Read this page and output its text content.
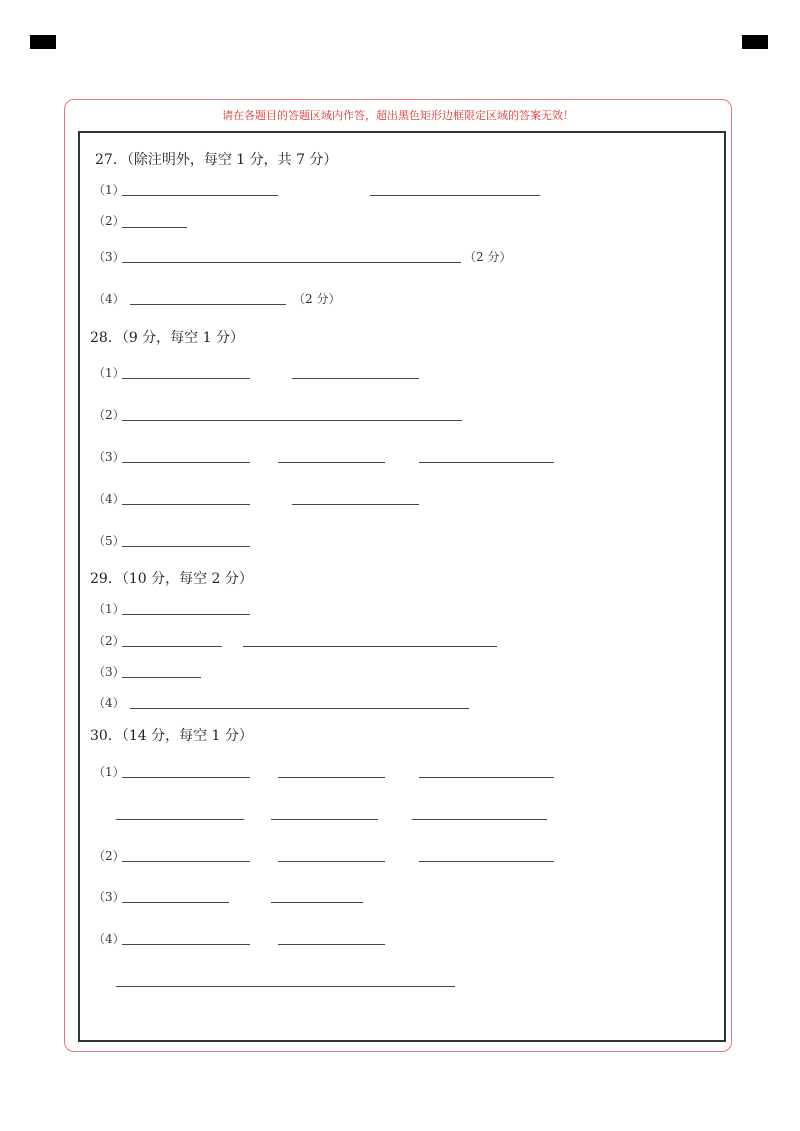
请在各题目的答题区域内作答，超出黑色矩形边框限定区域的答案无效！
27．（除注明外，每空 1 分，共 7 分）
（1）
（2）
（3）	（2 分）
（4）	（2 分）
28．（9 分，每空 1 分）
（1）
（2）
（3）
（4）
（5）
29．（10 分，每空 2 分）
（1）
（2）
（3）
（4）
30．（14 分，每空 1 分）
（1）
（2）
（3）
（4）
